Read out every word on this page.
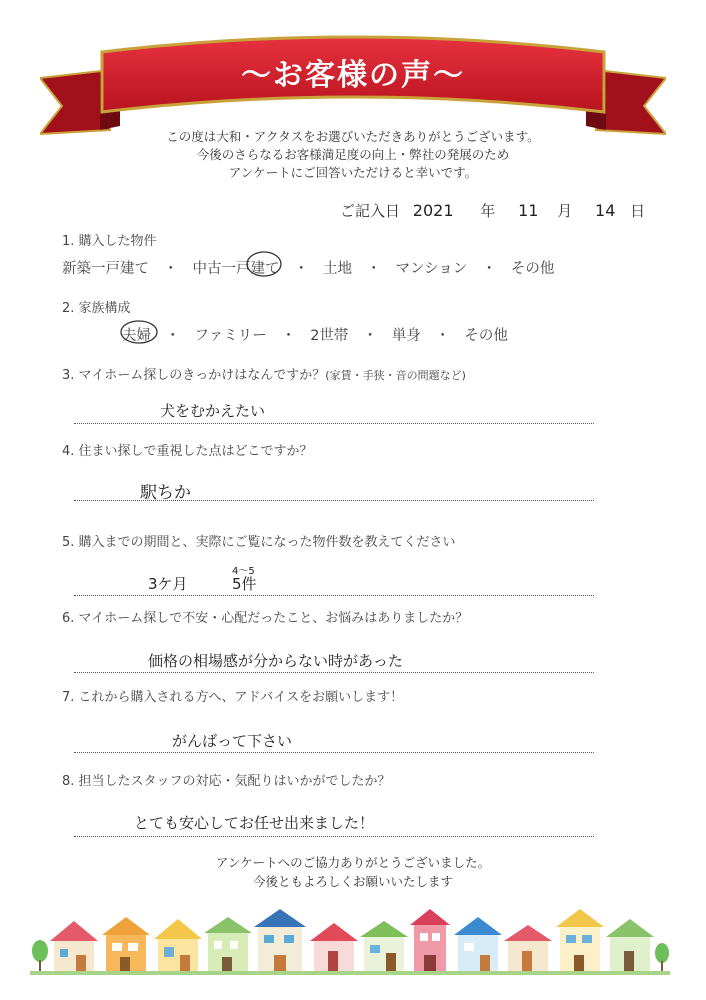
〜お客様の声〜
この度は大和・アクタスをお選びいただきありがとうございます。
今後のさらなるお客様満足度の向上・弊社の発展のため
アンケートにご回答いただけると幸いです。
ご記入日 2021 年 11 月 14 日
1. 購入した物件
新築一戸建て　・　中古一戸建て　・　土地　・　マンション　・　その他
2. 家族構成
夫婦　・　ファミリー　・　2世帯　・　単身　・　その他
3. マイホーム探しのきっかけはなんですか？(家賃・手狭・音の問題など)
犬をむかえたい
4. 住まい探しで重視した点はどこですか？
駅ちか
5. 購入までの期間と、実際にご覧になった物件数を教えてください
3ケ月
4〜5
5件
6. マイホーム探しで不安・心配だったこと、お悩みはありましたか？
価格の相場感が分からない時があった
7. これから購入される方へ、アドバイスをお願いします！
がんばって下さい
8. 担当したスタッフの対応・気配りはいかがでしたか？
とても安心してお任せ出来ました！
アンケートへのご協力ありがとうございました。
今後ともよろしくお願いいたします
